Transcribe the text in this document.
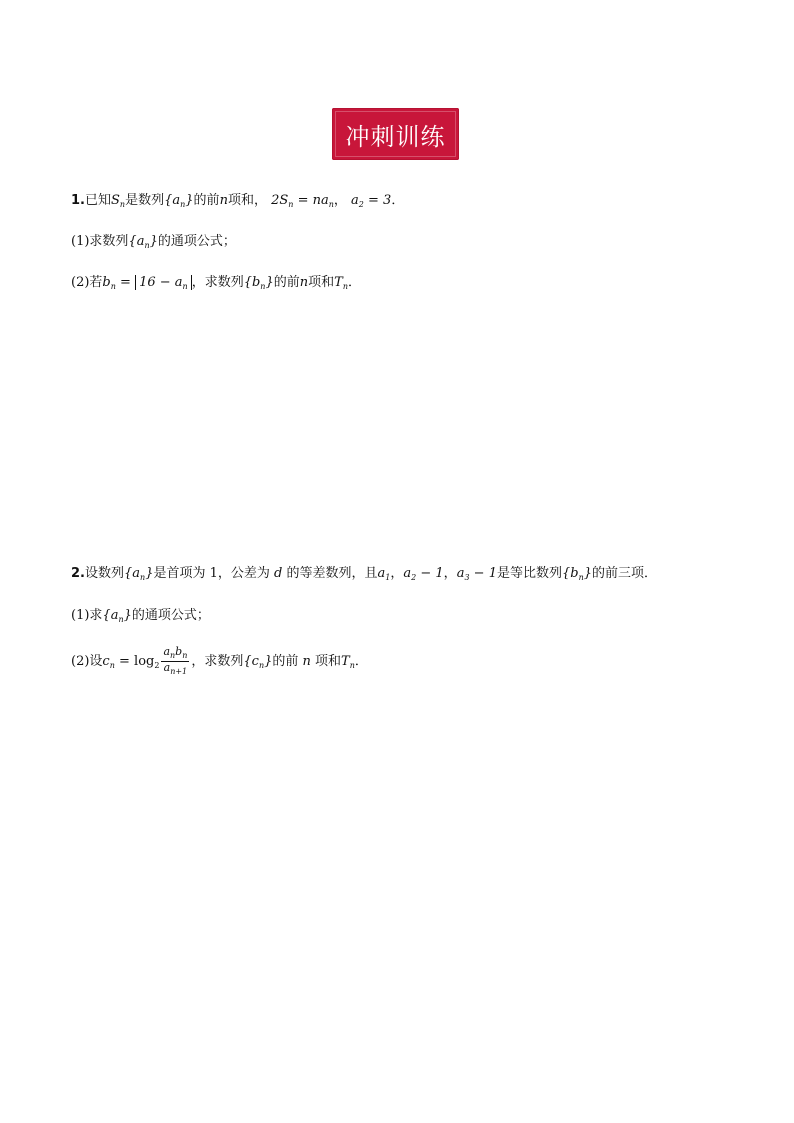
冲刺训练
1.已知$S_n$是数列$\{a_n\}$的前n项和， $2S_n = na_n$， $a_2 = 3$．
(1)求数列$\{a_n\}$的通项公式；
(2)若$b_n = 16 - a_n$ ，求数列$\{b_n\}$的前n项和$T_n$．
2.设数列$\{a_n\}$是首项为 1，公差为 d 的等差数列，且$a_1$，$a_2 - 1$，$a_3 - 1$是等比数列$\{b_n\}$的前三项．
(1)求$\{a_n\}$的通项公式；
(2)设$c_n = \log_2 \frac{a_nb_n}{a_{n+1}}$ ，求数列$\{c_n\}$的前 n 项和$T_n$．
